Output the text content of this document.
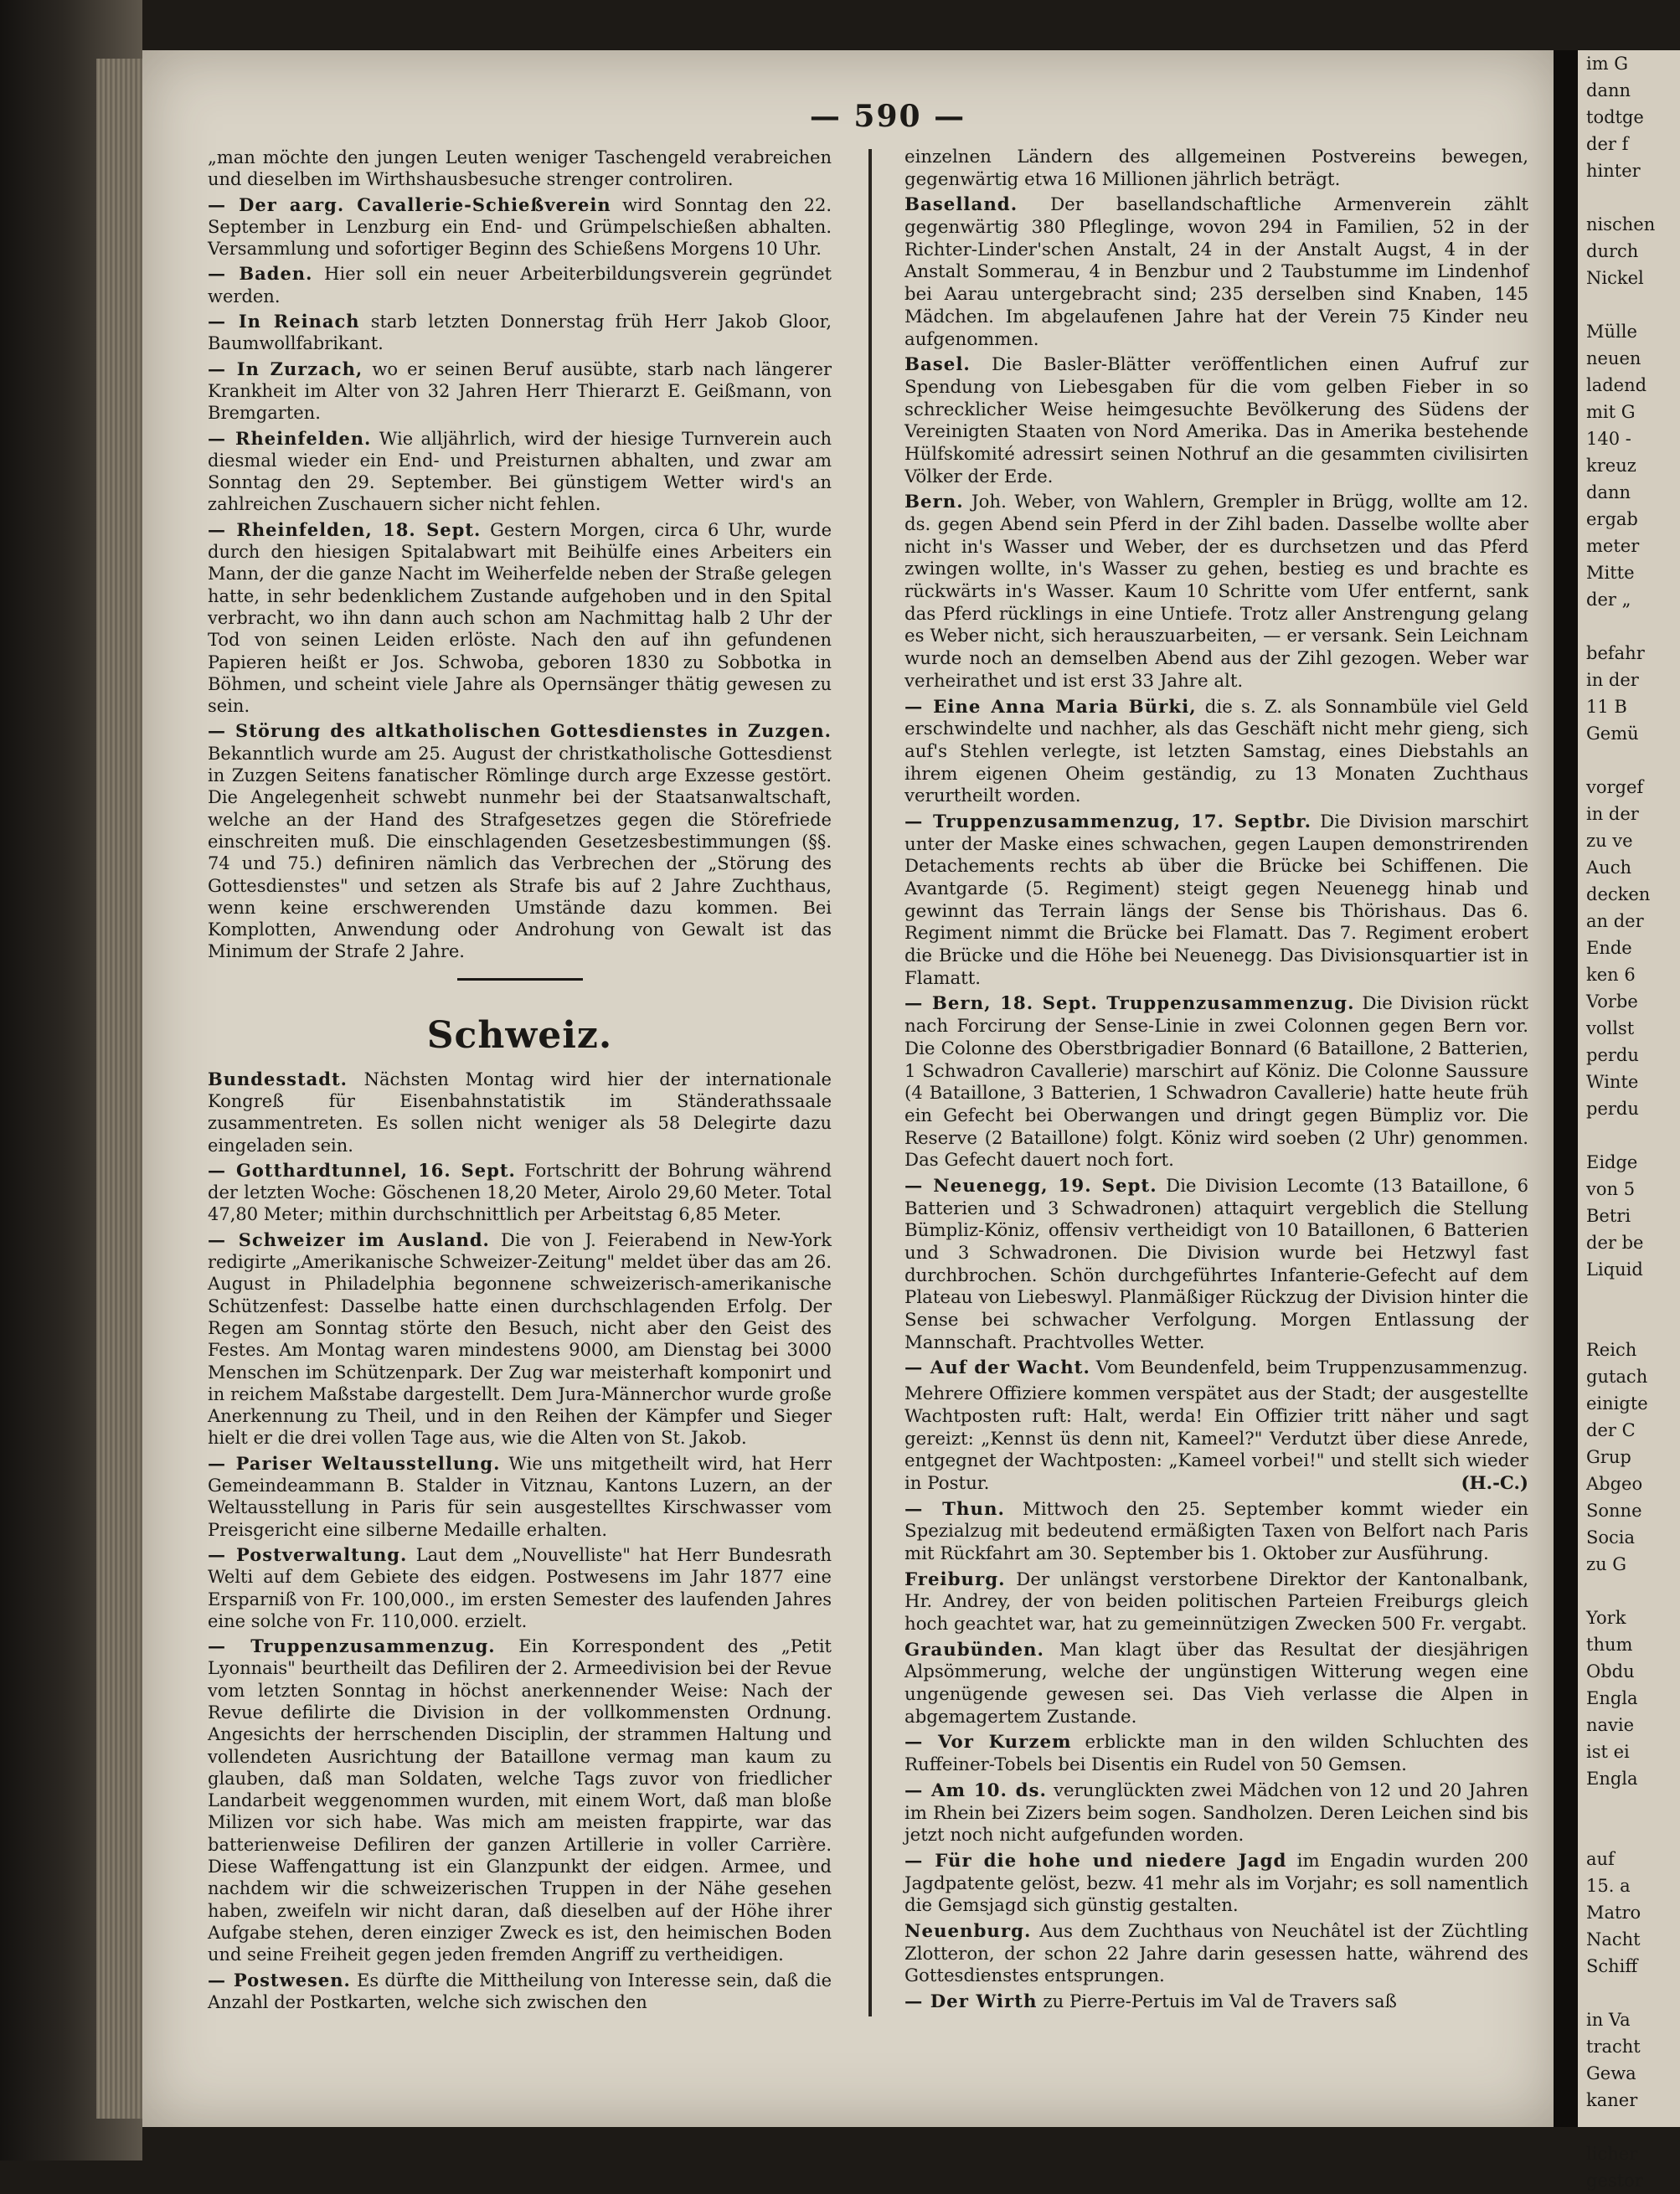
im G

dann

todtge

der f

hinter

nischen

durch

Nickel

Mülle

neuen

ladend

mit G

140 -

kreuz

dann

ergab

meter

Mitte

der „

befahr

in der

11 B

Gemü

vorgef

in der

zu ve

Auch

decken

an der

Ende

ken 6

Vorbe

vollst

perdu

Winte

perdu

Eidge

von 5

Betri

der be

Liquid

Reich

gutach

einigte

der C

Grup

Abgeo

Sonne

Socia

zu G

York

thum

Obdu

Engla

navie

ist ei

Engla

auf

15. a

Matro

Nacht

Schiff

in Va

tracht

Gewa

kaner

licher

gestor

— 590 —

„man möchte den jungen Leuten weniger Taschengeld verabreichen und dieselben im Wirthshausbesuche strenger controliren.

— Der aarg. Cavallerie-Schießverein wird Sonntag den 22. September in Lenzburg ein End- und Grümpelschießen abhalten. Versammlung und sofortiger Beginn des Schießens Morgens 10 Uhr.

— Baden. Hier soll ein neuer Arbeiterbildungsverein gegründet werden.

— In Reinach starb letzten Donnerstag früh Herr Jakob Gloor, Baumwollfabrikant.

— In Zurzach, wo er seinen Beruf ausübte, starb nach längerer Krankheit im Alter von 32 Jahren Herr Thierarzt E. Geißmann, von Bremgarten.

— Rheinfelden. Wie alljährlich, wird der hiesige Turnverein auch diesmal wieder ein End- und Preisturnen abhalten, und zwar am Sonntag den 29. September. Bei günstigem Wetter wird's an zahlreichen Zuschauern sicher nicht fehlen.

— Rheinfelden, 18. Sept. Gestern Morgen, circa 6 Uhr, wurde durch den hiesigen Spitalabwart mit Beihülfe eines Arbeiters ein Mann, der die ganze Nacht im Weiherfelde neben der Straße gelegen hatte, in sehr bedenklichem Zustande aufgehoben und in den Spital verbracht, wo ihn dann auch schon am Nachmittag halb 2 Uhr der Tod von seinen Leiden erlöste. Nach den auf ihn gefundenen Papieren heißt er Jos. Schwoba, geboren 1830 zu Sobbotka in Böhmen, und scheint viele Jahre als Opernsänger thätig gewesen zu sein.

— Störung des altkatholischen Gottesdienstes in Zuzgen. Bekanntlich wurde am 25. August der christkatholische Gottesdienst in Zuzgen Seitens fanatischer Römlinge durch arge Exzesse gestört. Die Angelegenheit schwebt nunmehr bei der Staatsanwaltschaft, welche an der Hand des Strafgesetzes gegen die Störefriede einschreiten muß. Die einschlagenden Gesetzesbestimmungen (§§. 74 und 75.) definiren nämlich das Verbrechen der „Störung des Gottesdienstes" und setzen als Strafe bis auf 2 Jahre Zuchthaus, wenn keine erschwerenden Umstände dazu kommen. Bei Komplotten, Anwendung oder Androhung von Gewalt ist das Minimum der Strafe 2 Jahre.

Schweiz.

Bundesstadt. Nächsten Montag wird hier der internationale Kongreß für Eisenbahnstatistik im Ständerathssaale zusammentreten. Es sollen nicht weniger als 58 Delegirte dazu eingeladen sein.

— Gotthardtunnel, 16. Sept. Fortschritt der Bohrung während der letzten Woche: Göschenen 18,20 Meter, Airolo 29,60 Meter. Total 47,80 Meter; mithin durchschnittlich per Arbeitstag 6,85 Meter.

— Schweizer im Ausland. Die von J. Feierabend in New-York redigirte „Amerikanische Schweizer-Zeitung" meldet über das am 26. August in Philadelphia begonnene schweizerisch-amerikanische Schützenfest: Dasselbe hatte einen durchschlagenden Erfolg. Der Regen am Sonntag störte den Besuch, nicht aber den Geist des Festes. Am Montag waren mindestens 9000, am Dienstag bei 3000 Menschen im Schützenpark. Der Zug war meisterhaft komponirt und in reichem Maßstabe dargestellt. Dem Jura-Männerchor wurde große Anerkennung zu Theil, und in den Reihen der Kämpfer und Sieger hielt er die drei vollen Tage aus, wie die Alten von St. Jakob.

— Pariser Weltausstellung. Wie uns mitgetheilt wird, hat Herr Gemeindeammann B. Stalder in Vitznau, Kantons Luzern, an der Weltausstellung in Paris für sein ausgestelltes Kirschwasser vom Preisgericht eine silberne Medaille erhalten.

— Postverwaltung. Laut dem „Nouvelliste" hat Herr Bundesrath Welti auf dem Gebiete des eidgen. Postwesens im Jahr 1877 eine Ersparniß von Fr. 100,000., im ersten Semester des laufenden Jahres eine solche von Fr. 110,000. erzielt.

— Truppenzusammenzug. Ein Korrespondent des „Petit Lyonnais" beurtheilt das Defiliren der 2. Armeedivision bei der Revue vom letzten Sonntag in höchst anerkennender Weise: Nach der Revue defilirte die Division in der vollkommensten Ordnung. Angesichts der herrschenden Disciplin, der strammen Haltung und vollendeten Ausrichtung der Bataillone vermag man kaum zu glauben, daß man Soldaten, welche Tags zuvor von friedlicher Landarbeit weggenommen wurden, mit einem Wort, daß man bloße Milizen vor sich habe. Was mich am meisten frappirte, war das batterienweise Defiliren der ganzen Artillerie in voller Carrière. Diese Waffengattung ist ein Glanzpunkt der eidgen. Armee, und nachdem wir die schweizerischen Truppen in der Nähe gesehen haben, zweifeln wir nicht daran, daß dieselben auf der Höhe ihrer Aufgabe stehen, deren einziger Zweck es ist, den heimischen Boden und seine Freiheit gegen jeden fremden Angriff zu vertheidigen.

— Postwesen. Es dürfte die Mittheilung von Interesse sein, daß die Anzahl der Postkarten, welche sich zwischen den

einzelnen Ländern des allgemeinen Postvereins bewegen, gegenwärtig etwa 16 Millionen jährlich beträgt.

Baselland. Der basellandschaftliche Armenverein zählt gegenwärtig 380 Pfleglinge, wovon 294 in Familien, 52 in der Richter-Linder'schen Anstalt, 24 in der Anstalt Augst, 4 in der Anstalt Sommerau, 4 in Benzbur und 2 Taubstumme im Lindenhof bei Aarau untergebracht sind; 235 derselben sind Knaben, 145 Mädchen. Im abgelaufenen Jahre hat der Verein 75 Kinder neu aufgenommen.

Basel. Die Basler-Blätter veröffentlichen einen Aufruf zur Spendung von Liebesgaben für die vom gelben Fieber in so schrecklicher Weise heimgesuchte Bevölkerung des Südens der Vereinigten Staaten von Nord Amerika. Das in Amerika bestehende Hülfskomité adressirt seinen Nothruf an die gesammten civilisirten Völker der Erde.

Bern. Joh. Weber, von Wahlern, Grempler in Brügg, wollte am 12. ds. gegen Abend sein Pferd in der Zihl baden. Dasselbe wollte aber nicht in's Wasser und Weber, der es durchsetzen und das Pferd zwingen wollte, in's Wasser zu gehen, bestieg es und brachte es rückwärts in's Wasser. Kaum 10 Schritte vom Ufer entfernt, sank das Pferd rücklings in eine Untiefe. Trotz aller Anstrengung gelang es Weber nicht, sich herauszuarbeiten, — er versank. Sein Leichnam wurde noch an demselben Abend aus der Zihl gezogen. Weber war verheirathet und ist erst 33 Jahre alt.

— Eine Anna Maria Bürki, die s. Z. als Sonnambüle viel Geld erschwindelte und nachher, als das Geschäft nicht mehr gieng, sich auf's Stehlen verlegte, ist letzten Samstag, eines Diebstahls an ihrem eigenen Oheim geständig, zu 13 Monaten Zuchthaus verurtheilt worden.

— Truppenzusammenzug, 17. Septbr. Die Division marschirt unter der Maske eines schwachen, gegen Laupen demonstrirenden Detachements rechts ab über die Brücke bei Schiffenen. Die Avantgarde (5. Regiment) steigt gegen Neuenegg hinab und gewinnt das Terrain längs der Sense bis Thörishaus. Das 6. Regiment nimmt die Brücke bei Flamatt. Das 7. Regiment erobert die Brücke und die Höhe bei Neuenegg. Das Divisionsquartier ist in Flamatt.

— Bern, 18. Sept. Truppenzusammenzug. Die Division rückt nach Forcirung der Sense-Linie in zwei Colonnen gegen Bern vor. Die Colonne des Oberstbrigadier Bonnard (6 Bataillone, 2 Batterien, 1 Schwadron Cavallerie) marschirt auf Köniz. Die Colonne Saussure (4 Bataillone, 3 Batterien, 1 Schwadron Cavallerie) hatte heute früh ein Gefecht bei Oberwangen und dringt gegen Bümpliz vor. Die Reserve (2 Bataillone) folgt. Köniz wird soeben (2 Uhr) genommen. Das Gefecht dauert noch fort.

— Neuenegg, 19. Sept. Die Division Lecomte (13 Bataillone, 6 Batterien und 3 Schwadronen) attaquirt vergeblich die Stellung Bümpliz-Köniz, offensiv vertheidigt von 10 Bataillonen, 6 Batterien und 3 Schwadronen. Die Division wurde bei Hetzwyl fast durchbrochen. Schön durchgeführtes Infanterie-Gefecht auf dem Plateau von Liebeswyl. Planmäßiger Rückzug der Division hinter die Sense bei schwacher Verfolgung. Morgen Entlassung der Mannschaft. Prachtvolles Wetter.

— Auf der Wacht. Vom Beundenfeld, beim Truppenzusammenzug.

Mehrere Offiziere kommen verspätet aus der Stadt; der ausgestellte Wachtposten ruft: Halt, werda! Ein Offizier tritt näher und sagt gereizt: „Kennst üs denn nit, Kameel?" Verdutzt über diese Anrede, entgegnet der Wachtposten: „Kameel vorbei!" und stellt sich wieder in Postur.	(H.-C.)

— Thun. Mittwoch den 25. September kommt wieder ein Spezialzug mit bedeutend ermäßigten Taxen von Belfort nach Paris mit Rückfahrt am 30. September bis 1. Oktober zur Ausführung.

Freiburg. Der unlängst verstorbene Direktor der Kantonalbank, Hr. Andrey, der von beiden politischen Parteien Freiburgs gleich hoch geachtet war, hat zu gemeinnützigen Zwecken 500 Fr. vergabt.

Graubünden. Man klagt über das Resultat der diesjährigen Alpsömmerung, welche der ungünstigen Witterung wegen eine ungenügende gewesen sei. Das Vieh verlasse die Alpen in abgemagertem Zustande.

— Vor Kurzem erblickte man in den wilden Schluchten des Ruffeiner-Tobels bei Disentis ein Rudel von 50 Gemsen.

— Am 10. ds. verunglückten zwei Mädchen von 12 und 20 Jahren im Rhein bei Zizers beim sogen. Sandholzen. Deren Leichen sind bis jetzt noch nicht aufgefunden worden.

— Für die hohe und niedere Jagd im Engadin wurden 200 Jagdpatente gelöst, bezw. 41 mehr als im Vorjahr; es soll namentlich die Gemsjagd sich günstig gestalten.

Neuenburg. Aus dem Zuchthaus von Neuchâtel ist der Züchtling Zlotteron, der schon 22 Jahre darin gesessen hatte, während des Gottesdienstes entsprungen.

— Der Wirth zu Pierre-Pertuis im Val de Travers saß
